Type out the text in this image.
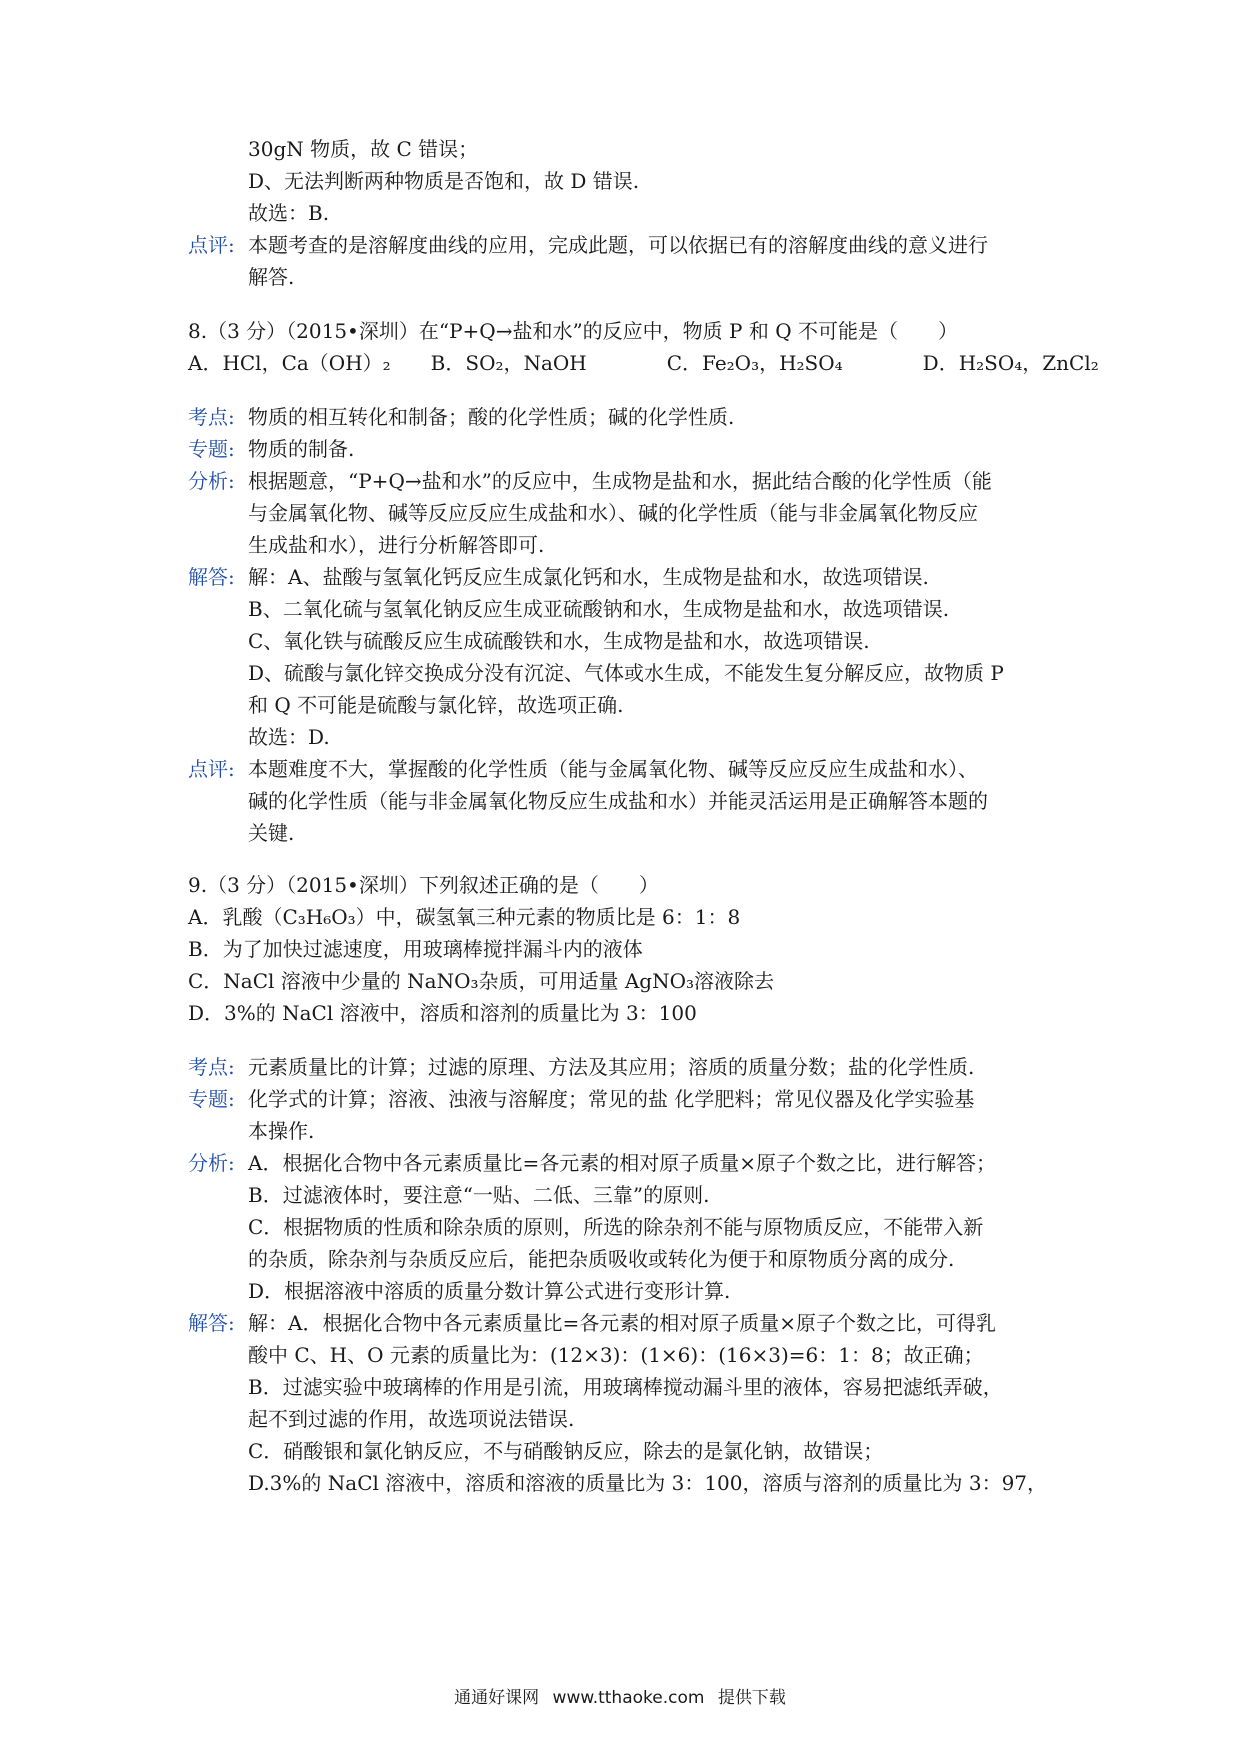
30gN 物质，故 C 错误；
D、无法判断两种物质是否饱和，故 D 错误.
故选：B.
点评: 本题考查的是溶解度曲线的应用，完成此题，可以依据已有的溶解度曲线的意义进行
解答.
8.（3 分）（2015•深圳）在“P+Q→盐和水”的反应中，物质 P 和 Q 不可能是（　　）
A．HCl，Ca（OH）₂　　B．SO₂，NaOH　　　　C．Fe₂O₃，H₂SO₄　　　　D．H₂SO₄，ZnCl₂
考点: 物质的相互转化和制备；酸的化学性质；碱的化学性质.
专题: 物质的制备.
分析: 根据题意，“P+Q→盐和水”的反应中，生成物是盐和水，据此结合酸的化学性质（能
与金属氧化物、碱等反应反应生成盐和水）、碱的化学性质（能与非金属氧化物反应
生成盐和水），进行分析解答即可.
解答: 解：A、盐酸与氢氧化钙反应生成氯化钙和水，生成物是盐和水，故选项错误.
B、二氧化硫与氢氧化钠反应生成亚硫酸钠和水，生成物是盐和水，故选项错误.
C、氧化铁与硫酸反应生成硫酸铁和水，生成物是盐和水，故选项错误.
D、硫酸与氯化锌交换成分没有沉淀、气体或水生成，不能发生复分解反应，故物质 P
和 Q 不可能是硫酸与氯化锌，故选项正确.
故选：D.
点评: 本题难度不大，掌握酸的化学性质（能与金属氧化物、碱等反应反应生成盐和水）、
碱的化学性质（能与非金属氧化物反应生成盐和水）并能灵活运用是正确解答本题的
关键.
9.（3 分）（2015•深圳）下列叙述正确的是（　　）
A．乳酸（C₃H₆O₃）中，碳氢氧三种元素的物质比是 6：1：8
B．为了加快过滤速度，用玻璃棒搅拌漏斗内的液体
C．NaCl 溶液中少量的 NaNO₃杂质，可用适量 AgNO₃溶液除去
D．3%的 NaCl 溶液中，溶质和溶剂的质量比为 3：100
考点: 元素质量比的计算；过滤的原理、方法及其应用；溶质的质量分数；盐的化学性质.
专题: 化学式的计算；溶液、浊液与溶解度；常见的盐 化学肥料；常见仪器及化学实验基
本操作.
分析: A．根据化合物中各元素质量比=各元素的相对原子质量×原子个数之比，进行解答；
B．过滤液体时，要注意“一贴、二低、三靠”的原则.
C．根据物质的性质和除杂质的原则，所选的除杂剂不能与原物质反应，不能带入新
的杂质，除杂剂与杂质反应后，能把杂质吸收或转化为便于和原物质分离的成分.
D．根据溶液中溶质的质量分数计算公式进行变形计算.
解答: 解：A．根据化合物中各元素质量比=各元素的相对原子质量×原子个数之比，可得乳
酸中 C、H、O 元素的质量比为：(12×3)：(1×6)：(16×3)=6：1：8；故正确；
B．过滤实验中玻璃棒的作用是引流，用玻璃棒搅动漏斗里的液体，容易把滤纸弄破，
起不到过滤的作用，故选项说法错误.
C．硝酸银和氯化钠反应，不与硝酸钠反应，除去的是氯化钠，故错误；
D.3%的 NaCl 溶液中，溶质和溶液的质量比为 3：100，溶质与溶剂的质量比为 3：97，
通通好课网 www.tthaoke.com 提供下载
